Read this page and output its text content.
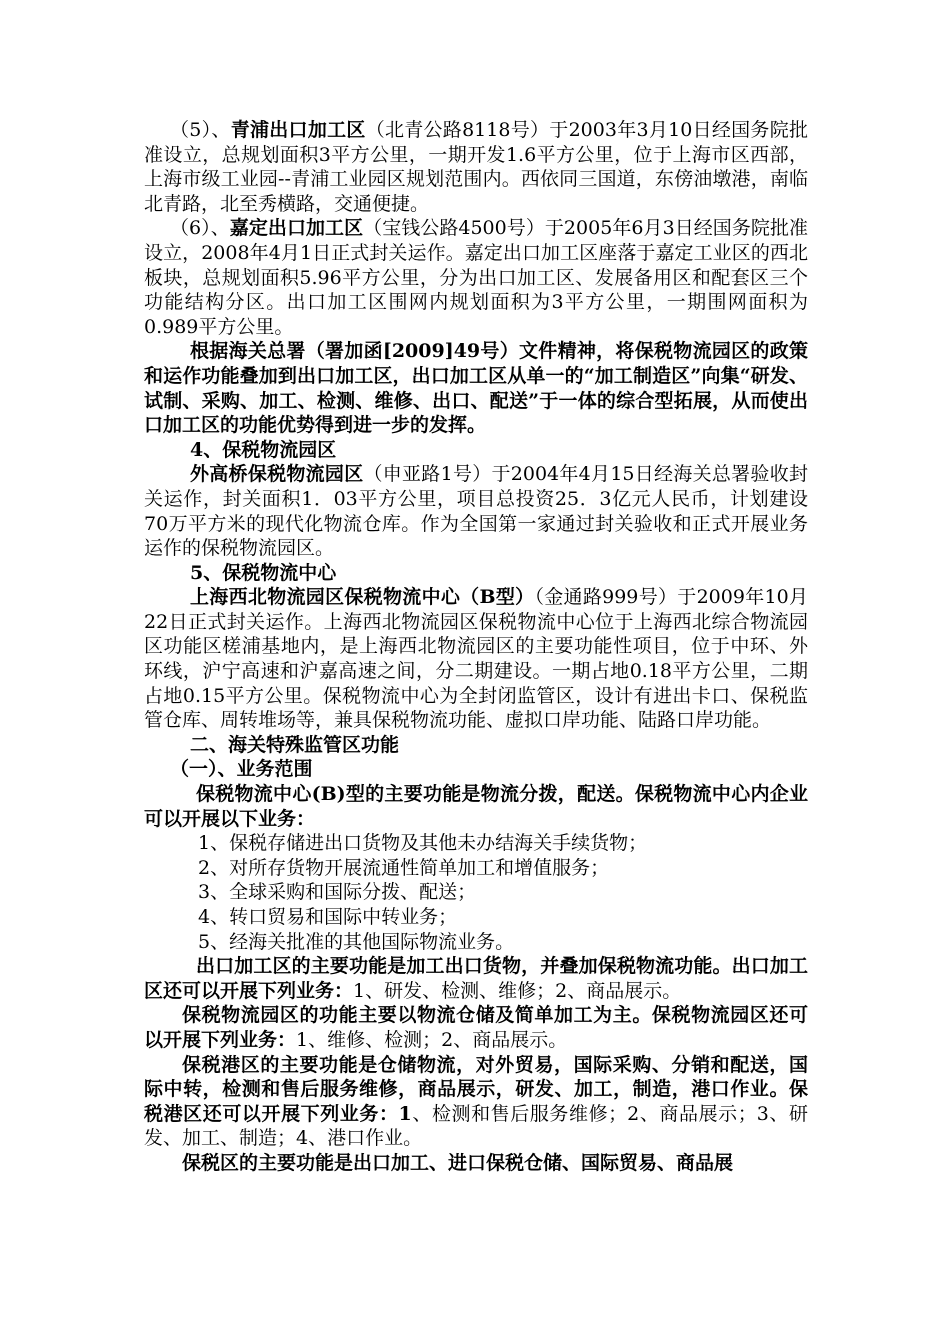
（5）、青浦出口加工区（北青公路8118号）于2003年3月10日经国务院批准设立，总规划面积3平方公里，一期开发1.6平方公里，位于上海市区西部，上海市级工业园--青浦工业园区规划范围内。西依同三国道，东傍油墩港，南临北青路，北至秀横路，交通便捷。

（6）、嘉定出口加工区（宝钱公路4500号）于2005年6月3日经国务院批准设立，2008年4月1日正式封关运作。嘉定出口加工区座落于嘉定工业区的西北板块，总规划面积5.96平方公里，分为出口加工区、发展备用区和配套区三个功能结构分区。出口加工区围网内规划面积为3平方公里，一期围网面积为0.989平方公里。

根据海关总署（署加函[2009]49号）文件精神，将保税物流园区的政策和运作功能叠加到出口加工区，出口加工区从单一的“加工制造区”向集“研发、试制、采购、加工、检测、维修、出口、配送”于一体的综合型拓展，从而使出口加工区的功能优势得到进一步的发挥。

4、保税物流园区

外高桥保税物流园区（申亚路1号）于2004年4月15日经海关总署验收封关运作，封关面积1．03平方公里，项目总投资25．3亿元人民币，计划建设70万平方米的现代化物流仓库。作为全国第一家通过封关验收和正式开展业务运作的保税物流园区。

5、保税物流中心

上海西北物流园区保税物流中心（B型）（金通路999号）于2009年10月22日正式封关运作。上海西北物流园区保税物流中心位于上海西北综合物流园区功能区槎浦基地内，是上海西北物流园区的主要功能性项目，位于中环、外环线，沪宁高速和沪嘉高速之间，分二期建设。一期占地0.18平方公里，二期占地0.15平方公里。保税物流中心为全封闭监管区，设计有进出卡口、保税监管仓库、周转堆场等，兼具保税物流功能、虚拟口岸功能、陆路口岸功能。

二、海关特殊监管区功能

（一）、业务范围

保税物流中心(B)型的主要功能是物流分拨，配送。保税物流中心内企业可以开展以下业务：

1、保税存储进出口货物及其他未办结海关手续货物；

2、对所存货物开展流通性简单加工和增值服务；

3、全球采购和国际分拨、配送；

4、转口贸易和国际中转业务；

5、经海关批准的其他国际物流业务。

出口加工区的主要功能是加工出口货物，并叠加保税物流功能。出口加工区还可以开展下列业务：1、研发、检测、维修；2、商品展示。

保税物流园区的功能主要以物流仓储及简单加工为主。保税物流园区还可以开展下列业务：1、维修、检测；2、商品展示。

保税港区的主要功能是仓储物流，对外贸易，国际采购、分销和配送，国际中转，检测和售后服务维修，商品展示，研发、加工，制造，港口作业。保税港区还可以开展下列业务：1、检测和售后服务维修；2、商品展示；3、研发、加工、制造；4、港口作业。

保税区的主要功能是出口加工、进口保税仓储、国际贸易、商品展
